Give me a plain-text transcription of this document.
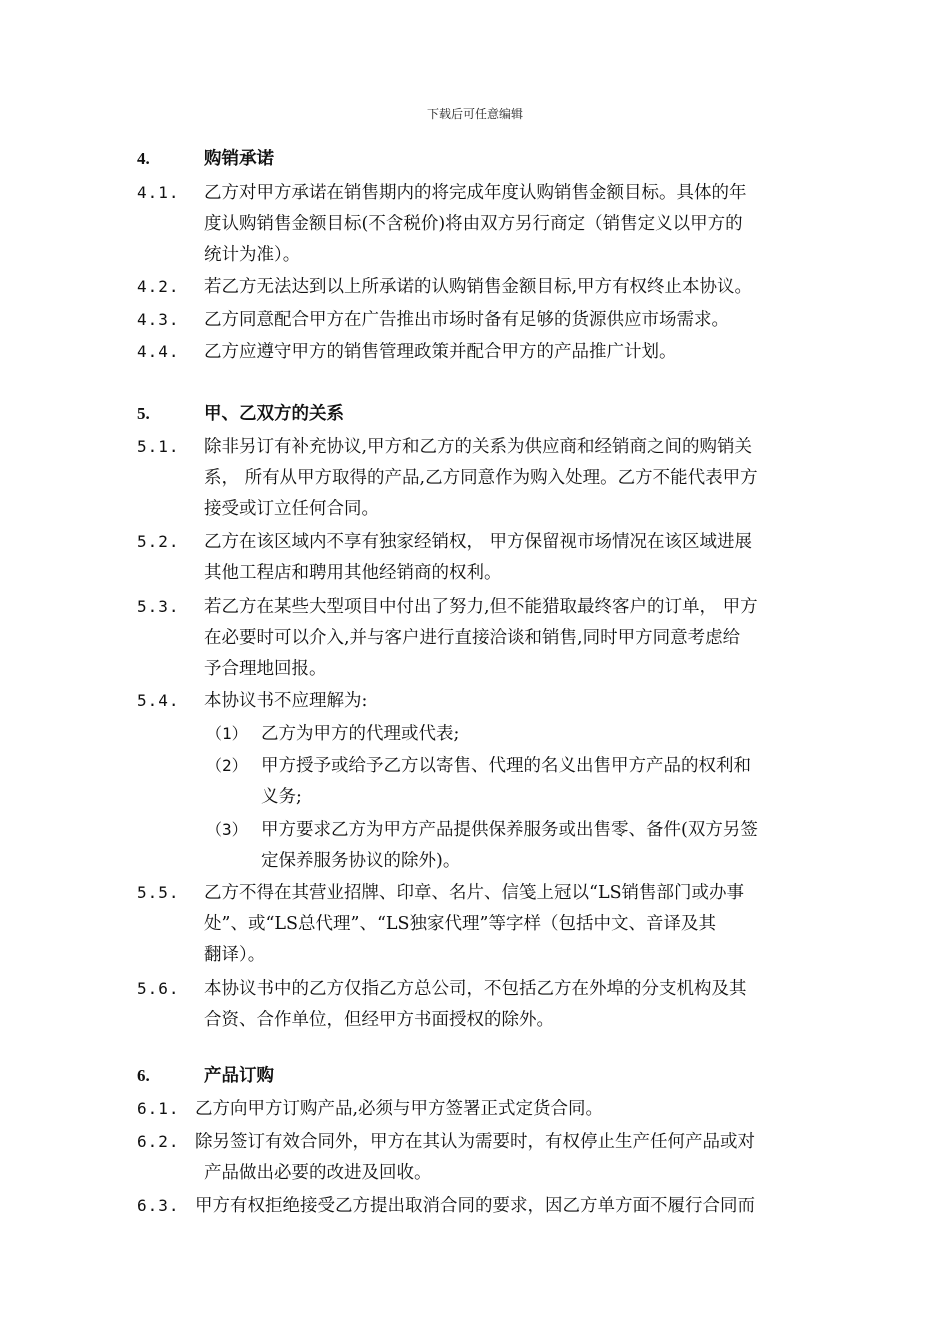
下载后可任意编辑
4.	购销承诺
4.1. 乙方对甲方承诺在销售期内的将完成年度认购销售金额目标。具体的年
度认购销售金额目标(不含税价)将由双方另行商定（销售定义以甲方的
统计为准）。
4.2. 若乙方无法达到以上所承诺的认购销售金额目标,甲方有权终止本协议。
4.3. 乙方同意配合甲方在广告推出市场时备有足够的货源供应市场需求。
4.4. 乙方应遵守甲方的销售管理政策并配合甲方的产品推广计划。
5.	甲、乙双方的关系
5.1. 除非另订有补充协议,甲方和乙方的关系为供应商和经销商之间的购销关
系， 所有从甲方取得的产品,乙方同意作为购入处理。乙方不能代表甲方
接受或订立任何合同。
5.2. 乙方在该区域内不享有独家经销权， 甲方保留视市场情况在该区域进展
其他工程店和聘用其他经销商的权利。
5.3. 若乙方在某些大型项目中付出了努力,但不能猎取最终客户的订单， 甲方
在必要时可以介入,并与客户进行直接洽谈和销售,同时甲方同意考虑给
予合理地回报。
5.4. 本协议书不应理解为:
（1） 乙方为甲方的代理或代表;
（2） 甲方授予或给予乙方以寄售、代理的名义出售甲方产品的权利和
义务;
（3） 甲方要求乙方为甲方产品提供保养服务或出售零、备件(双方另签
定保养服务协议的除外)。
5.5. 乙方不得在其营业招牌、印章、名片、信笺上冠以“LS销售部门或办事
处”、或“LS总代理”、“LS独家代理”等字样（包括中文、音译及其
翻译）。
5.6. 本协议书中的乙方仅指乙方总公司，不包括乙方在外埠的分支机构及其
合资、合作单位，但经甲方书面授权的除外。
6.	产品订购
6.1. 乙方向甲方订购产品,必须与甲方签署正式定货合同。
6.2. 除另签订有效合同外，甲方在其认为需要时，有权停止生产任何产品或对
产品做出必要的改进及回收。
6.3. 甲方有权拒绝接受乙方提出取消合同的要求，因乙方单方面不履行合同而
